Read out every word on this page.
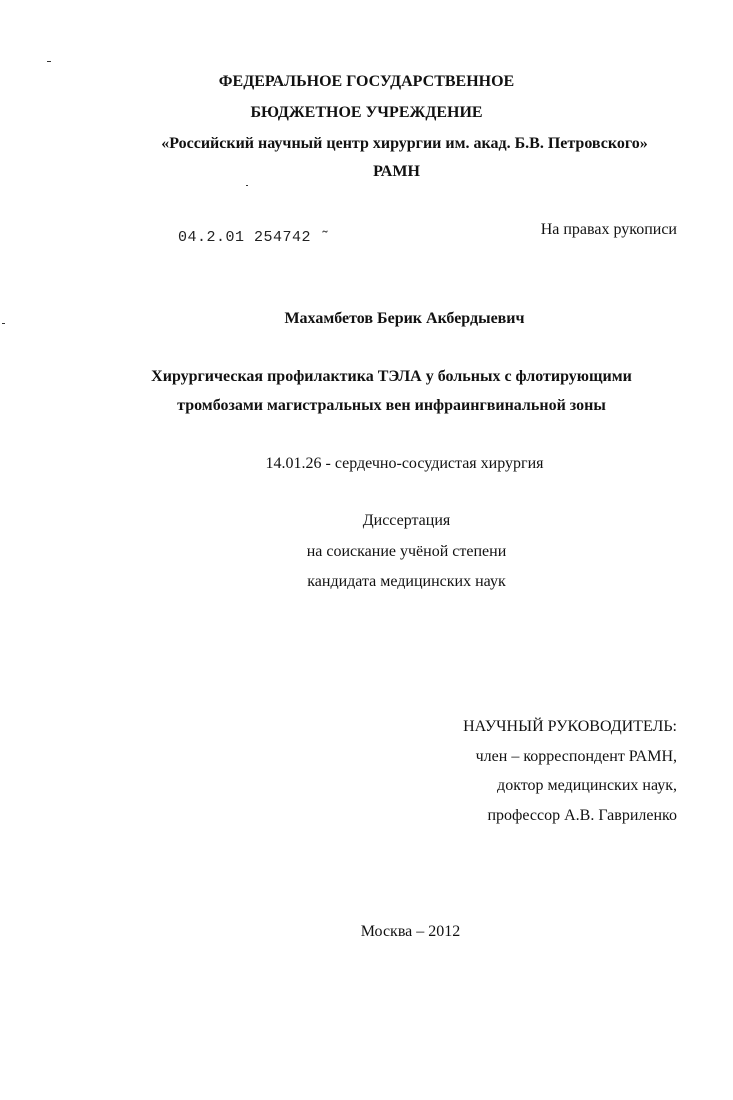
ФЕДЕРАЛЬНОЕ ГОСУДАРСТВЕННОЕ
БЮДЖЕТНОЕ УЧРЕЖДЕНИЕ
«Российский научный центр хирургии им. акад. Б.В. Петровского»
РАМН
04.2.01 254742 ˜	На правах рукописи
Махамбетов Берик Акбердыевич
Хирургическая профилактика ТЭЛА у больных с флотирующими
тромбозами магистральных вен инфраингвинальной зоны
14.01.26 - сердечно-сосудистая хирургия
Диссертация
на соискание учёной степени
кандидата медицинских наук
НАУЧНЫЙ РУКОВОДИТЕЛЬ:
член – корреспондент РАМН,
доктор медицинских наук,
профессор А.В. Гавриленко
Москва – 2012
